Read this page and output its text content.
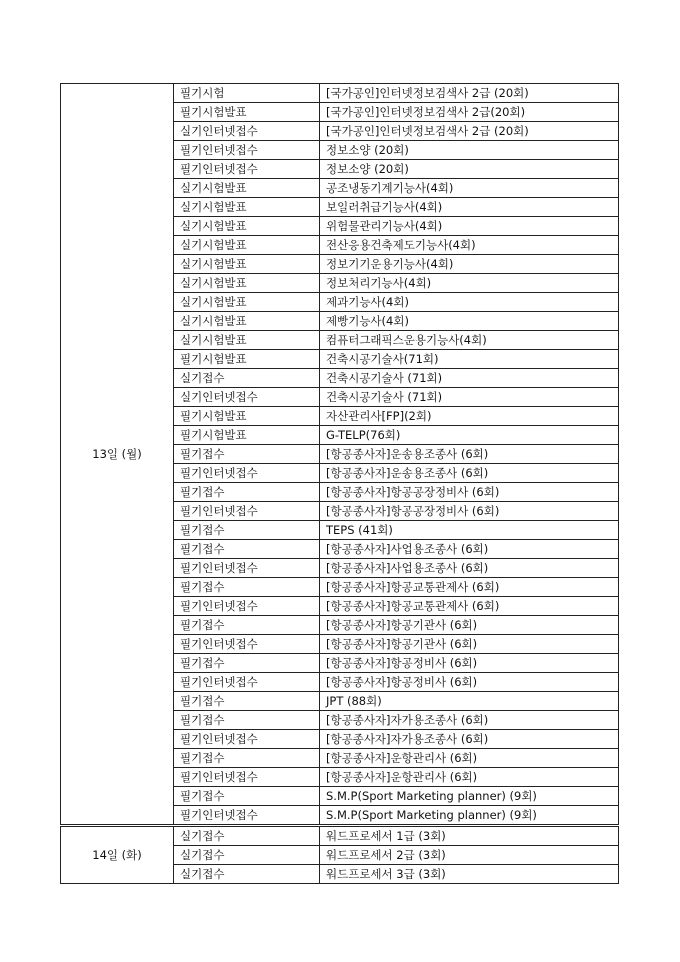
13일 (월)	필기시험	[국가공인]인터넷정보검색사 2급 (20회)
	필기시험발표	[국가공인]인터넷정보검색사 2급(20회)
	실기인터넷접수	[국가공인]인터넷정보검색사 2급 (20회)
	필기인터넷접수	정보소양 (20회)
	필기인터넷접수	정보소양 (20회)
	실기시험발표	공조냉동기계기능사(4회)
	실기시험발표	보일러취급기능사(4회)
	실기시험발표	위험물관리기능사(4회)
	실기시험발표	전산응용건축제도기능사(4회)
	실기시험발표	정보기기운용기능사(4회)
	실기시험발표	정보처리기능사(4회)
	실기시험발표	제과기능사(4회)
	실기시험발표	제빵기능사(4회)
	실기시험발표	컴퓨터그래픽스운용기능사(4회)
	필기시험발표	건축시공기술사(71회)
	실기접수	건축시공기술사 (71회)
	실기인터넷접수	건축시공기술사 (71회)
	필기시험발표	자산관리사[FP](2회)
	필기시험발표	G-TELP(76회)
	필기접수	[항공종사자]운송용조종사 (6회)
	필기인터넷접수	[항공종사자]운송용조종사 (6회)
	필기접수	[항공종사자]항공공장정비사 (6회)
	필기인터넷접수	[항공종사자]항공공장정비사 (6회)
	필기접수	TEPS (41회)
	필기접수	[항공종사자]사업용조종사 (6회)
	필기인터넷접수	[항공종사자]사업용조종사 (6회)
	필기접수	[항공종사자]항공교통관제사 (6회)
	필기인터넷접수	[항공종사자]항공교통관제사 (6회)
	필기접수	[항공종사자]항공기관사 (6회)
	필기인터넷접수	[항공종사자]항공기관사 (6회)
	필기접수	[항공종사자]항공정비사 (6회)
	필기인터넷접수	[항공종사자]항공정비사 (6회)
	필기접수	JPT (88회)
	필기접수	[항공종사자]자가용조종사 (6회)
	필기인터넷접수	[항공종사자]자가용조종사 (6회)
	필기접수	[항공종사자]운항관리사 (6회)
	필기인터넷접수	[항공종사자]운항관리사 (6회)
	필기접수	S.M.P(Sport Marketing planner) (9회)
	필기인터넷접수	S.M.P(Sport Marketing planner) (9회)
14일 (화)	실기접수	워드프로세서 1급 (3회)
	실기접수	워드프로세서 2급 (3회)
	실기접수	워드프로세서 3급 (3회)
